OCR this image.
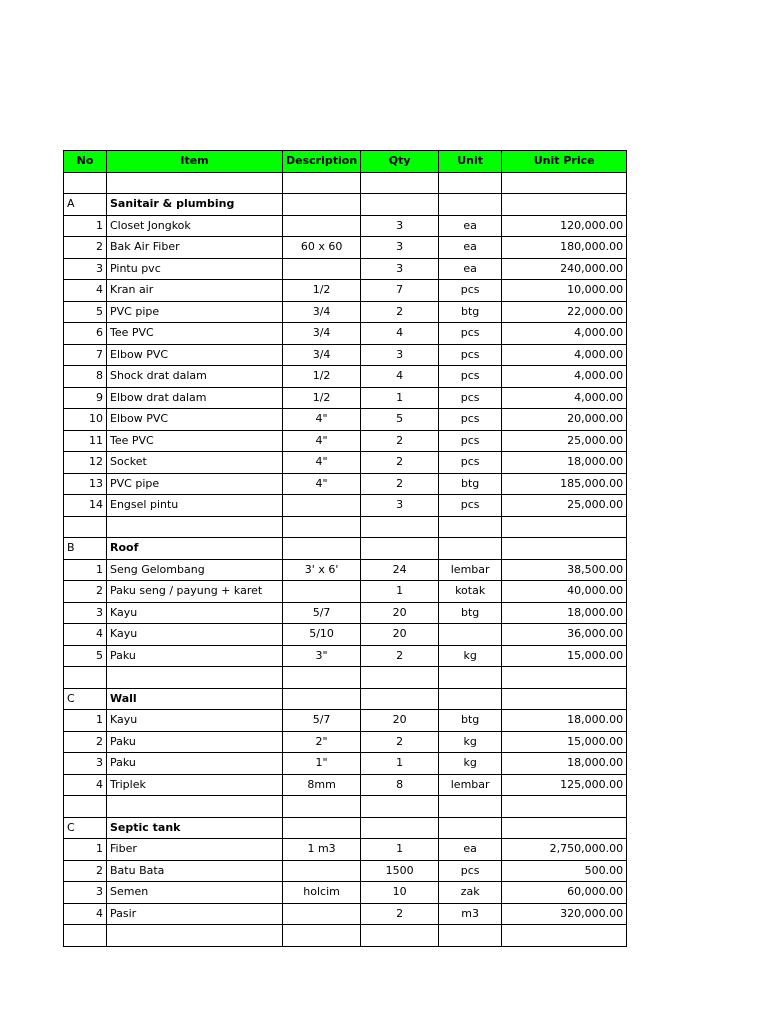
No	Item	Description	Qty	Unit	Unit Price

A	Sanitair & plumbing				
1	Closet Jongkok		3	ea	120,000.00
2	Bak Air Fiber	60 x 60	3	ea	180,000.00
3	Pintu pvc		3	ea	240,000.00
4	Kran air	1/2	7	pcs	10,000.00
5	PVC pipe	3/4	2	btg	22,000.00
6	Tee PVC	3/4	4	pcs	4,000.00
7	Elbow PVC	3/4	3	pcs	4,000.00
8	Shock drat dalam	1/2	4	pcs	4,000.00
9	Elbow drat dalam	1/2	1	pcs	4,000.00
10	Elbow PVC	4"	5	pcs	20,000.00
11	Tee PVC	4"	2	pcs	25,000.00
12	Socket	4"	2	pcs	18,000.00
13	PVC pipe	4"	2	btg	185,000.00
14	Engsel pintu		3	pcs	25,000.00

B	Roof				
1	Seng Gelombang	3' x 6'	24	lembar	38,500.00
2	Paku seng / payung + karet		1	kotak	40,000.00
3	Kayu	5/7	20	btg	18,000.00
4	Kayu	5/10	20		36,000.00
5	Paku	3"	2	kg	15,000.00

C	Wall				
1	Kayu	5/7	20	btg	18,000.00
2	Paku	2"	2	kg	15,000.00
3	Paku	1"	1	kg	18,000.00
4	Triplek	8mm	8	lembar	125,000.00

C	Septic tank				
1	Fiber	1 m3	1	ea	2,750,000.00
2	Batu Bata		1500	pcs	500.00
3	Semen	holcim	10	zak	60,000.00
4	Pasir		2	m3	320,000.00
